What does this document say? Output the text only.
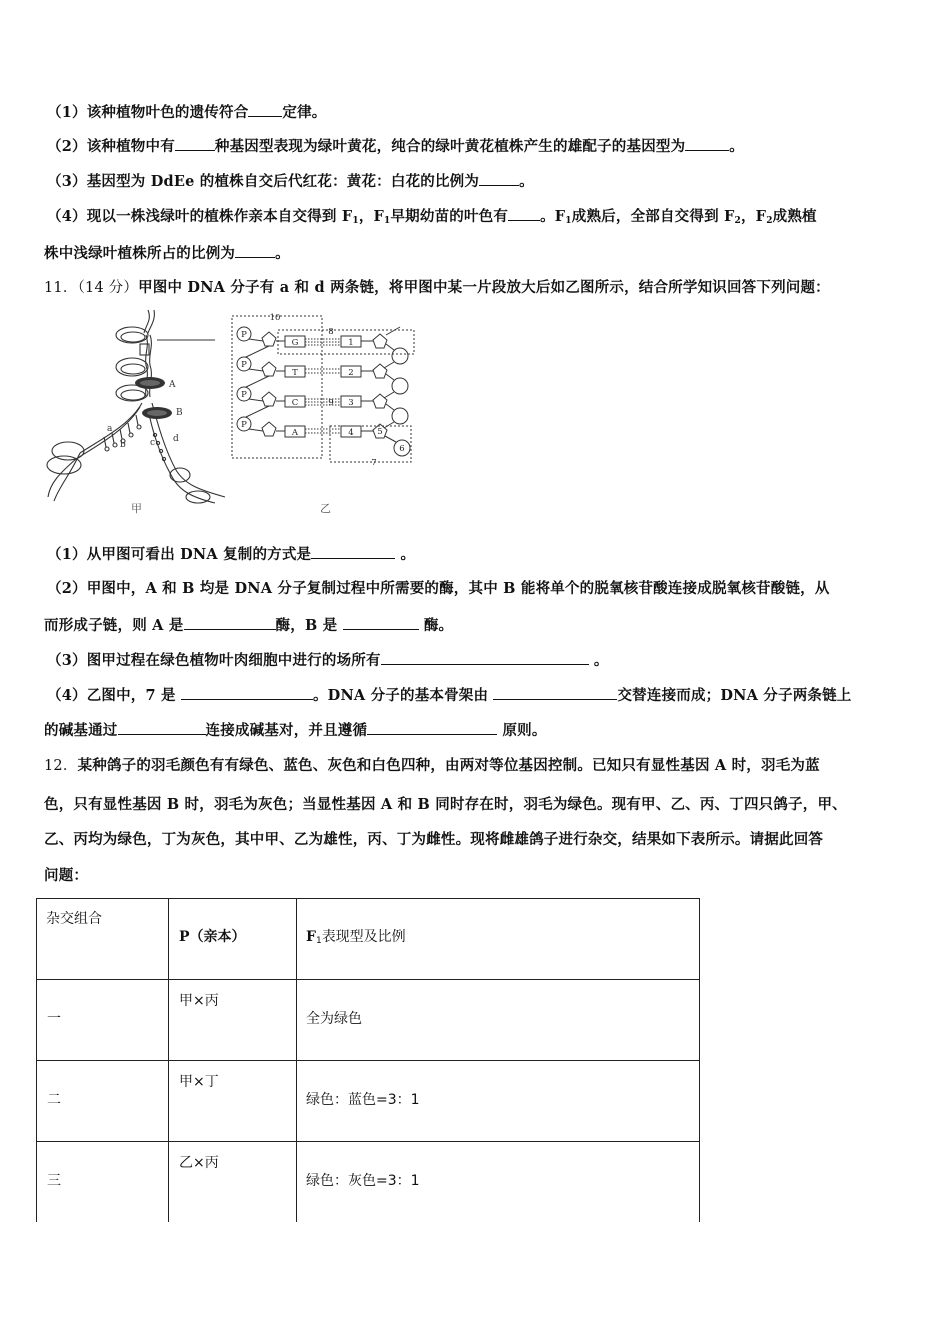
（1）该种植物叶色的遗传符合 定律。
（2）该种植物中有	种基因型表现为绿叶黄花，纯合的绿叶黄花植株产生的雄配子的基因型为	。
（3）基因型为 DdEe 的植株自交后代红花：黄花：白花的比例为	。
（4）现以一株浅绿叶的植株作亲本自交得到 $F_1$，$F_1$早期幼苗的叶色有 。$F_1$成熟后，全部自交得到 $F_2$，$F_2$成熟植
株中浅绿叶植株所占的比例为	。
11．（14 分）甲图中 DNA 分子有 a 和 d 两条链，将甲图中某一片段放大后如乙图所示，结合所学知识回答下列问题：
A
B
a
b	c d
甲
P
P
P
P
G
T
C
A
1
2
3
4	5
6
7
8
9
10
乙
（1）从甲图可看出 DNA 复制的方式是	。
（2）甲图中，A 和 B 均是 DNA 分子复制过程中所需要的酶，其中 B 能将单个的脱氧核苷酸连接成脱氧核苷酸链，从
而形成子链，则 A 是	酶，B 是	酶。
（3）图甲过程在绿色植物叶肉细胞中进行的场所有	。
（4）乙图中，7 是	。DNA 分子的基本骨架由	交替连接而成；DNA 分子两条链上
的碱基通过	连接成碱基对，并且遵循	原则。
12．某种鸽子的羽毛颜色有有绿色、蓝色、灰色和白色四种，由两对等位基因控制。已知只有显性基因 A 时，羽毛为蓝
色，只有显性基因 B 时，羽毛为灰色；当显性基因 A 和 B 同时存在时，羽毛为绿色。现有甲、乙、丙、丁四只鸽子，甲、
乙、丙均为绿色，丁为灰色，其中甲、乙为雄性，丙、丁为雌性。现将雌雄鸽子进行杂交，结果如下表所示。请据此回答
问题：
杂交组合	P（亲本）	$F_1$表现型及比例

一	甲×丙	全为绿色

二	甲×丁	绿色：蓝色=3：1

三	乙×丙	绿色：灰色=3：1
